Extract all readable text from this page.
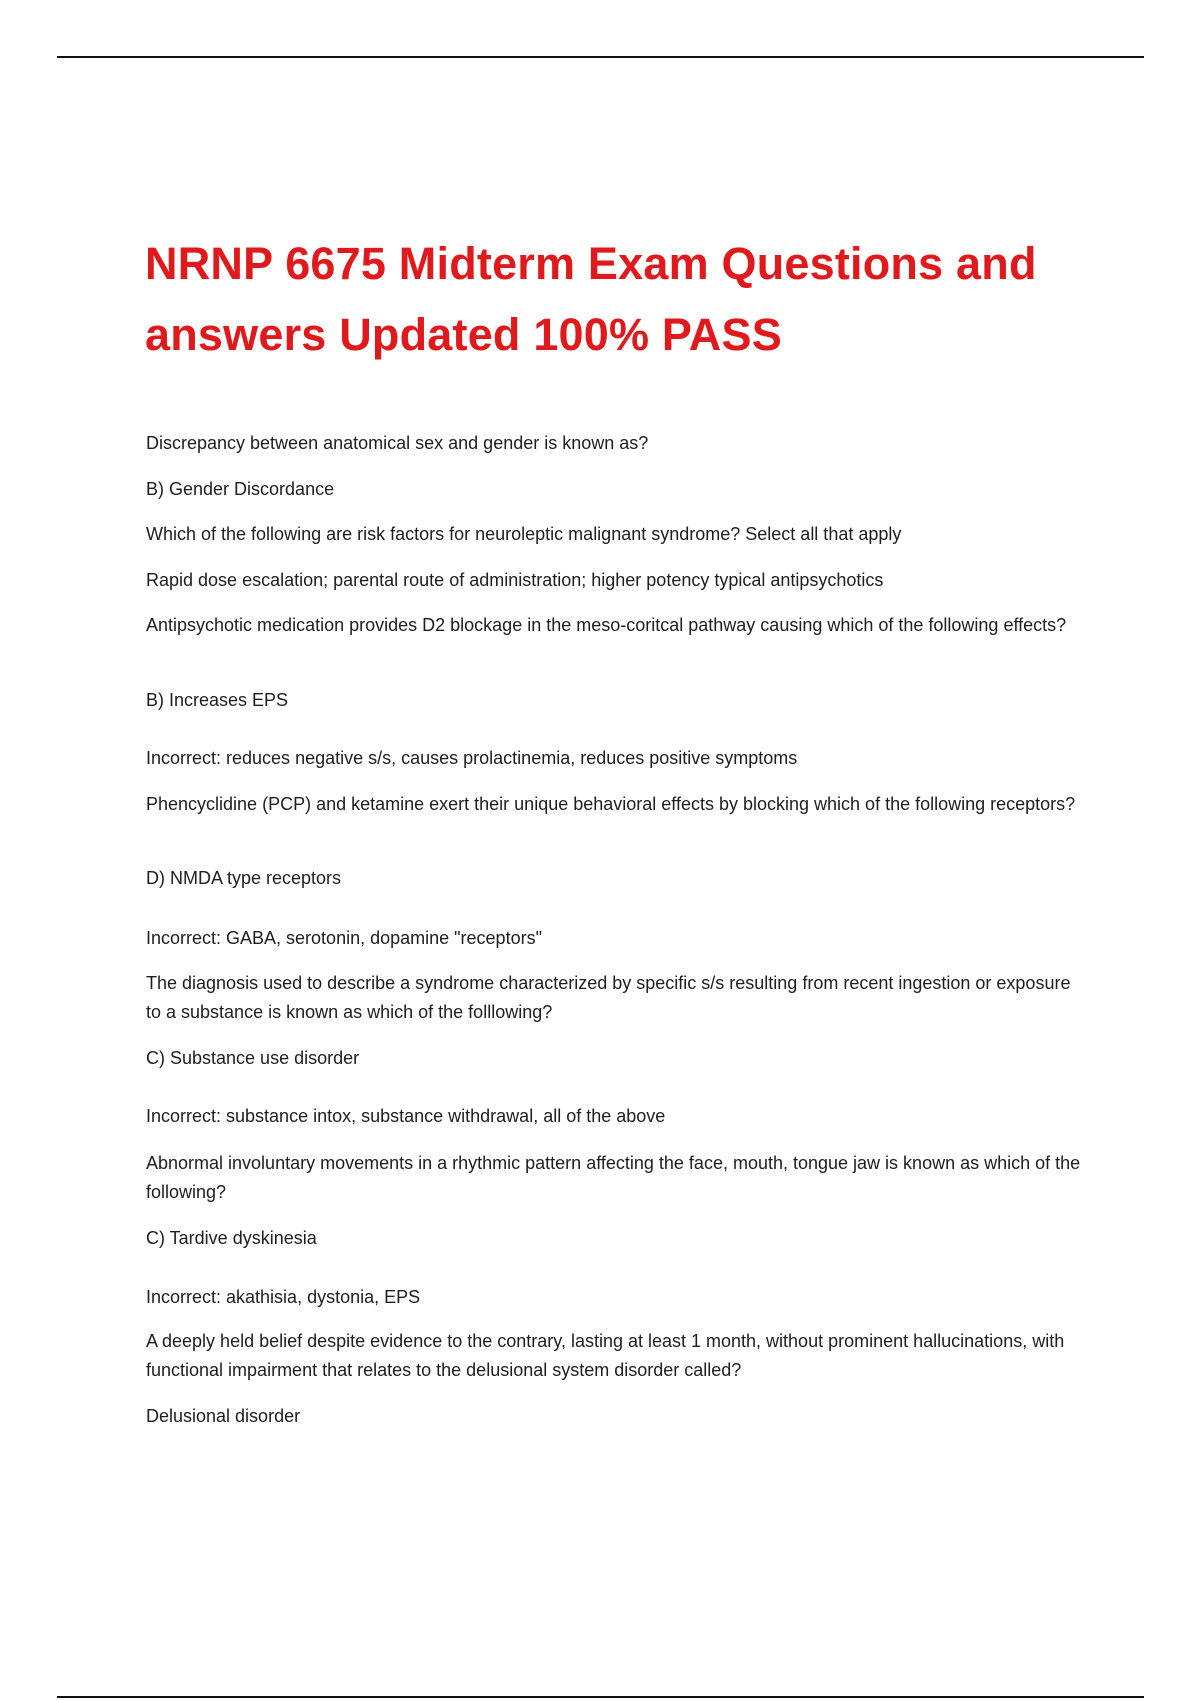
NRNP 6675 Midterm Exam Questions and answers Updated 100% PASS

Discrepancy between anatomical sex and gender is known as?

B) Gender Discordance

Which of the following are risk factors for neuroleptic malignant syndrome? Select all that apply

Rapid dose escalation; parental route of administration; higher potency typical antipsychotics

Antipsychotic medication provides D2 blockage in the meso-coritcal pathway causing which of the following effects?

B) Increases EPS

Incorrect: reduces negative s/s, causes prolactinemia, reduces positive symptoms

Phencyclidine (PCP) and ketamine exert their unique behavioral effects by blocking which of the following receptors?

D) NMDA type receptors

Incorrect: GABA, serotonin, dopamine "receptors"

The diagnosis used to describe a syndrome characterized by specific s/s resulting from recent ingestion or exposure to a substance is known as which of the folllowing?

C) Substance use disorder

Incorrect: substance intox, substance withdrawal, all of the above

Abnormal involuntary movements in a rhythmic pattern affecting the face, mouth, tongue jaw is known as which of the following?

C) Tardive dyskinesia

Incorrect: akathisia, dystonia, EPS

A deeply held belief despite evidence to the contrary, lasting at least 1 month, without prominent hallucinations, with functional impairment that relates to the delusional system disorder called?

Delusional disorder
